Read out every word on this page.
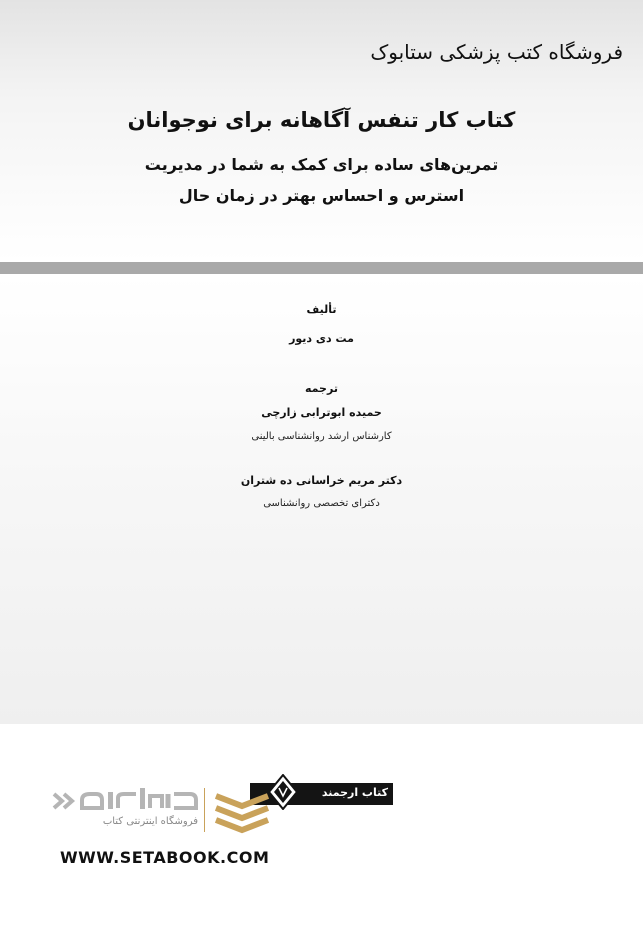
فروشگاه کتب پزشکی ستابوک
کتاب کار تنفس آگاهانه برای نوجوانان
تمرین‌های ساده برای کمک به شما در مدیریت
استرس و احساس بهتر در زمان حال
تألیف
مت دی دیور
ترجمه
حمیده ابوترابی زارچی
کارشناس ارشد روانشناسی بالینی
دکتر مریم خراسانی ده شتران
دکترای تخصصی روانشناسی
کتاب ارجمند
فروشگاه اینترنتی کتاب
WWW.SETABOOK.COM
